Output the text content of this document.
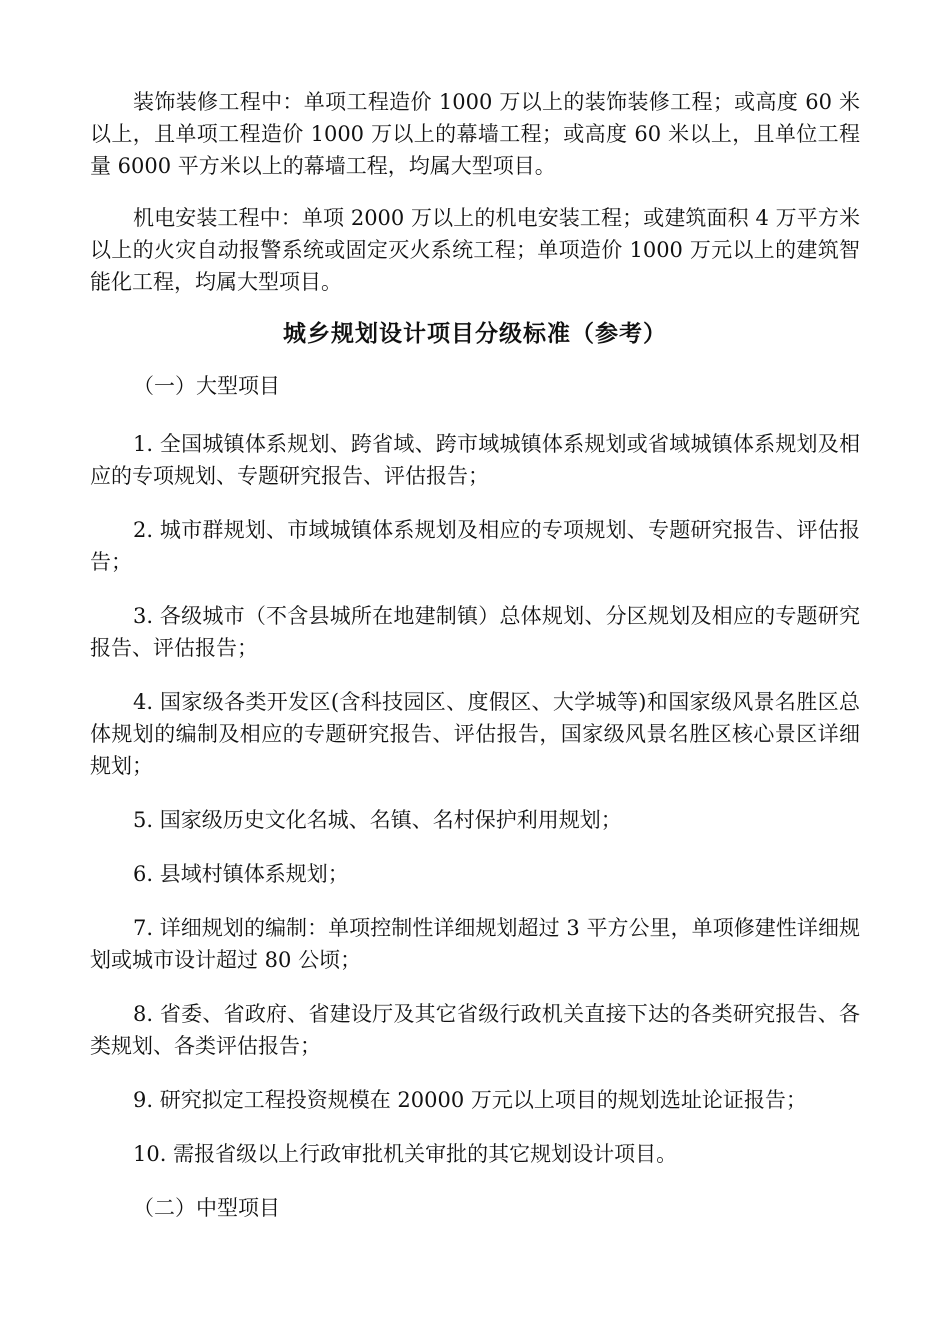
装饰装修工程中：单项工程造价 1000 万以上的装饰装修工程；或高度 60 米以上，且单项工程造价 1000 万以上的幕墙工程；或高度 60 米以上，且单位工程量 6000 平方米以上的幕墙工程，均属大型项目。

机电安装工程中：单项 2000 万以上的机电安装工程；或建筑面积 4 万平方米以上的火灾自动报警系统或固定灭火系统工程；单项造价 1000 万元以上的建筑智能化工程，均属大型项目。

城乡规划设计项目分级标准（参考）

（一）大型项目

1. 全国城镇体系规划、跨省域、跨市域城镇体系规划或省域城镇体系规划及相应的专项规划、专题研究报告、评估报告；

2. 城市群规划、市域城镇体系规划及相应的专项规划、专题研究报告、评估报告；

3. 各级城市（不含县城所在地建制镇）总体规划、分区规划及相应的专题研究报告、评估报告；

4. 国家级各类开发区(含科技园区、度假区、大学城等)和国家级风景名胜区总体规划的编制及相应的专题研究报告、评估报告，国家级风景名胜区核心景区详细规划；

5. 国家级历史文化名城、名镇、名村保护利用规划；

6. 县域村镇体系规划；

7. 详细规划的编制：单项控制性详细规划超过 3 平方公里，单项修建性详细规划或城市设计超过 80 公顷；

8. 省委、省政府、省建设厅及其它省级行政机关直接下达的各类研究报告、各类规划、各类评估报告；

9. 研究拟定工程投资规模在 20000 万元以上项目的规划选址论证报告；

10. 需报省级以上行政审批机关审批的其它规划设计项目。

（二）中型项目
